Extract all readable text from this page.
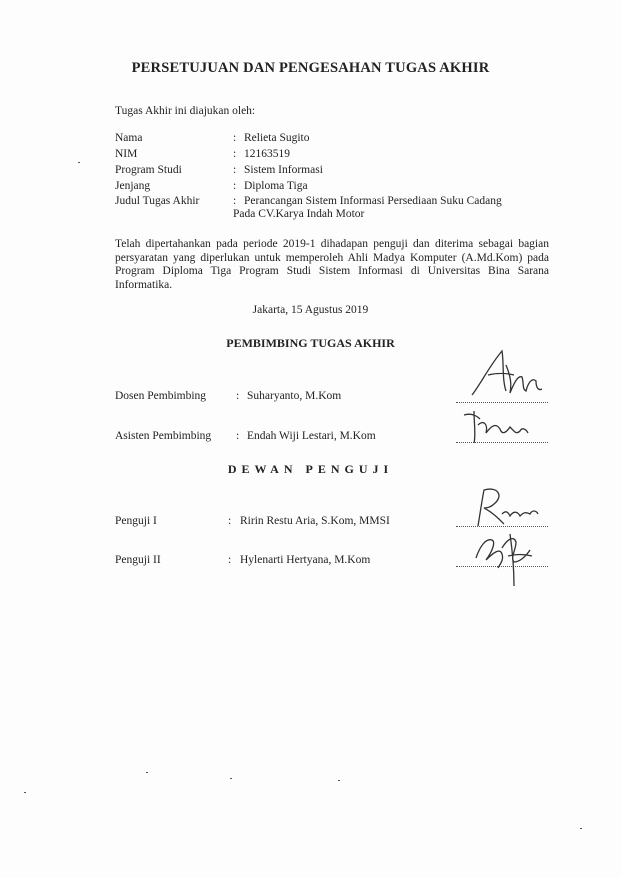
PERSETUJUAN DAN PENGESAHAN TUGAS AKHIR
Tugas Akhir ini diajukan oleh:
Nama	: Relieta Sugito
NIM	: 12163519
Program Studi	: Sistem Informasi
Jenjang	: Diploma Tiga
Judul Tugas Akhir	: Perancangan Sistem Informasi Persediaan Suku Cadang
Pada CV.Karya Indah Motor
Telah dipertahankan pada periode 2019-1 dihadapan penguji dan diterima sebagai bagian persyaratan yang diperlukan untuk memperoleh Ahli Madya Komputer (A.Md.Kom) pada Program Diploma Tiga Program Studi Sistem Informasi di Universitas Bina Sarana Informatika.
Jakarta, 15 Agustus 2019
PEMBIMBING TUGAS AKHIR
Dosen Pembimbing	: Suharyanto, M.Kom
Asisten Pembimbing : Endah Wiji Lestari, M.Kom
DEWAN PENGUJI
Penguji I	: Ririn Restu Aria, S.Kom, MMSI
Penguji II	: Hylenarti Hertyana, M.Kom
